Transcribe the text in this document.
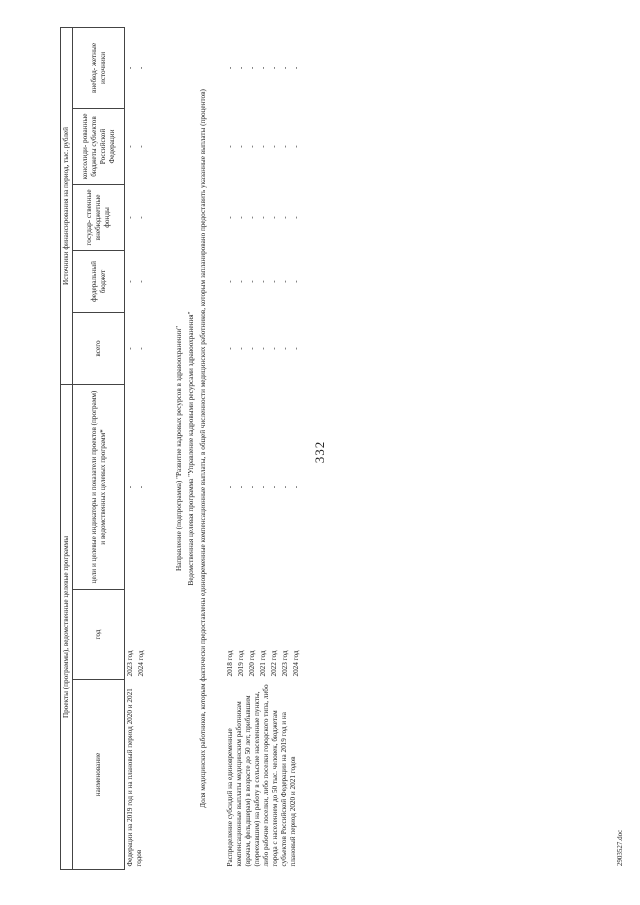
332
2903527.doc
Проекты (программы), ведомственные целевые программы			Источники финансирования на период, тыс. рублей				
наименование	год	цели и целевые индикаторы и показатели проектов (программ) и ведомственных целевых программ*	всего	федеральный бюджет	государ- ственные внебюджетные фонды	консолиди- рованные бюджеты субъектов Российской Федерации	внебюд- жетные источники
Федерации на 2019 год и на плановый период 2020 и 2021 годов	2023 год	-	-	-	-	-	-
	2024 год	-	-	-	-	-	-

Направление (подпрограмма) "Развитие кадровых ресурсов в здравоохранении"							
Ведомственная целевая программа "Управление кадровыми ресурсами здравоохранения"							
Доля медицинских работников, которым фактически предоставлены единовременные компенсационные выплаты, в общей численности медицинских работников, которым запланировано предоставить указанные выплаты (процентов)							

Распределение субсидий на единовременные компенсационные выплаты медицинским работникам (врачам, фельдшерам) в возрасте до 50 лет, прибывшим (переехавшим) на работу в сельские населенные пункты, либо рабочие поселки, либо поселки городского типа, либо города с населением до 50 тыс. человек, бюджетам субъектов Российской Федерации на 2019 год и на плановый период 2020 и 2021 годов	2018 год	-	-	-	-	-	-
	2019 год	-	-	-	-	-	-
	2020 год	-	-	-	-	-	-
	2021 год	-	-	-	-	-	-
	2022 год	-	-	-	-	-	-
	2023 год	-	-	-	-	-	-
	2024 год	-	-	-	-	-	-
